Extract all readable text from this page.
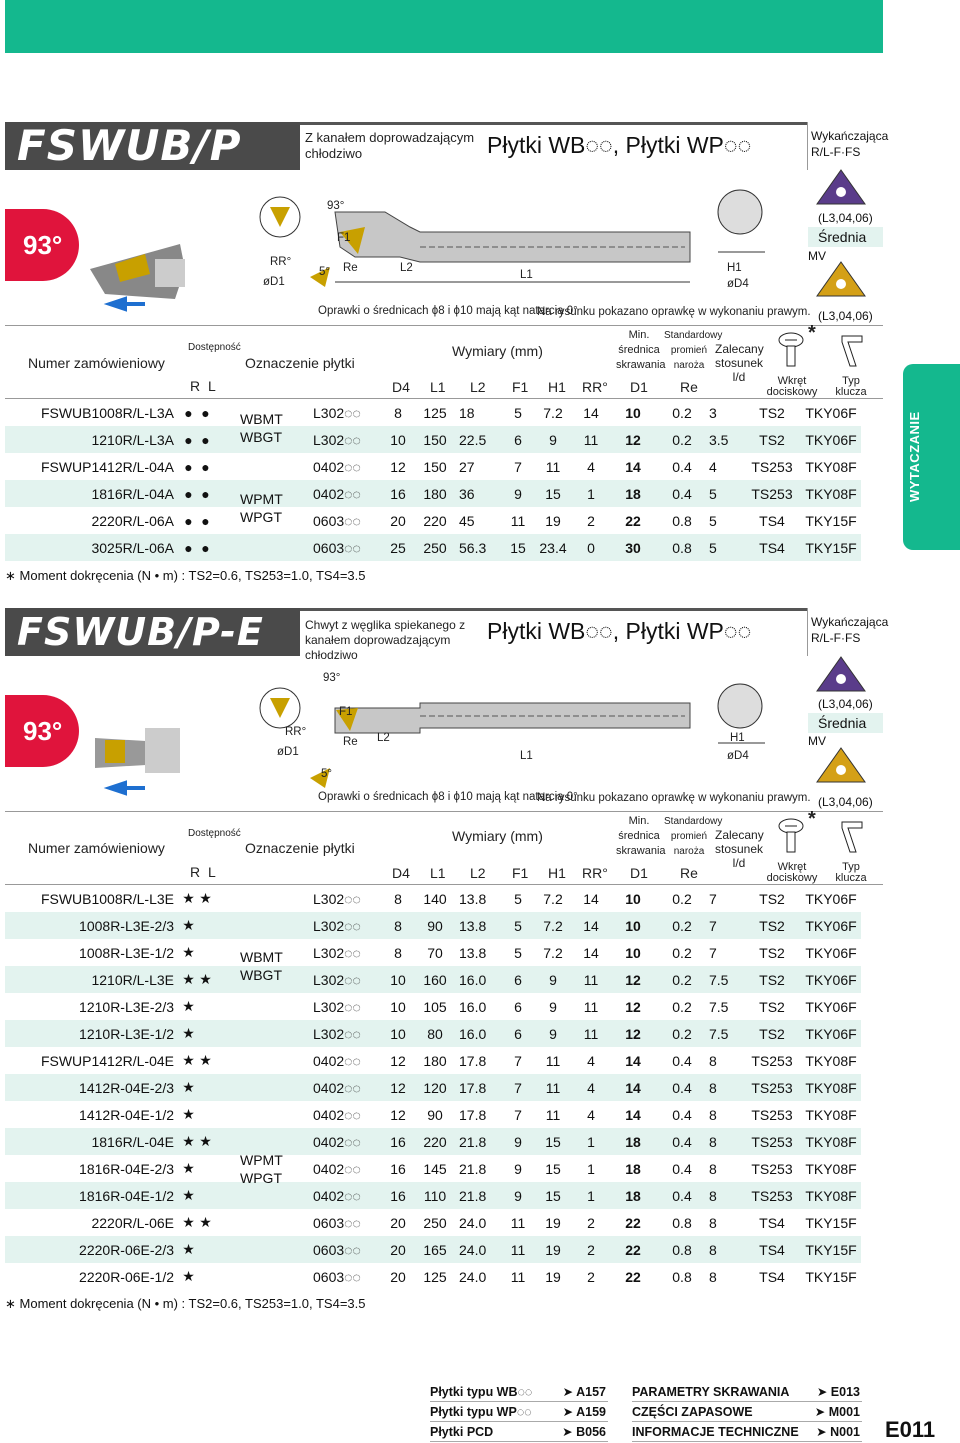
FSWUB/P	Z kanałem doprowadzającym chłodziwo	Płytki WB◌◌, Płytki WP◌◌	Wykańczająca
R/L-F·FS
93°
93°
RR°
øD1
F1
Re	L2
L1
H1
øD4
5°
Oprawki o średnicach ϕ8 i ϕ10 mają kąt natarcia 0°
Na rysunku pokazano oprawkę w wykonaniu prawym.
(L3,04,06)
Średnia
MV
(L3,04,06)
Numer zamówieniowy
Dostępność
R L
Oznaczenie płytki
Wymiary (mm)
D4 L1 L2 F1 H1 RR°
Min. średnica skrawania
D1
Standardowy promień naroża
Re
Zalecany stosunek l/d
*
Wkręt dociskowy
Typ klucza
FSWUB1008R/L-L3A	●	●		L302◌◌	8	125	18	5	7.2	14	10	0.2	3	TS2	TKY06F
1210R/L-L3A	●	●		L302◌◌	10	150	22.5	6	9	11	12	0.2	3.5	TS2	TKY06F
FSWUP1412R/L-04A	●	●		0402◌◌	12	150	27	7	11	4	14	0.4	4	TS253	TKY08F
1816R/L-04A	●	●		0402◌◌	16	180	36	9	15	1	18	0.4	5	TS253	TKY08F
2220R/L-06A	●	●		0603◌◌	20	220	45	11	19	2	22	0.8	5	TS4	TKY15F
3025R/L-06A	●	●		0603◌◌	25	250	56.3	15	23.4	0	30	0.8	5	TS4	TKY15F
WBMT
WBGT
WPMT
WPGT
∗ Moment dokręcenia (N • m) : TS2=0.6, TS253=1.0, TS4=3.5
WYTACZANIE
FSWUB/P-E	Chwyt z węglika spiekanego z kanałem doprowadzającym chłodziwo
Płytki WB◌◌, Płytki WP◌◌	Wykańczająca
R/L-F·FS
93°
93°
RR°
øD1
F1
Re L2
L1
H1
øD4
5°
Oprawki o średnicach ϕ8 i ϕ10 mają kąt natarcia 0°
Na rysunku pokazano oprawkę w wykonaniu prawym.
(L3,04,06)
Średnia
MV
(L3,04,06)
Numer zamówieniowy
Dostępność
R L
Oznaczenie płytki
Wymiary (mm)
D4 L1 L2 F1 H1 RR°
Min. średnica skrawania
D1
Standardowy promień naroża
Re
Zalecany stosunek l/d
*
Wkręt dociskowy
Typ klucza
FSWUB1008R/L-L3E	★	★		L302◌◌	8	140	13.8	5	7.2	14	10	0.2	7	TS2	TKY06F
1008R-L3E-2/3	★			L302◌◌	8	90	13.8	5	7.2	14	10	0.2	7	TS2	TKY06F
1008R-L3E-1/2	★			L302◌◌	8	70	13.8	5	7.2	14	10	0.2	7	TS2	TKY06F
1210R/L-L3E	★	★		L302◌◌	10	160	16.0	6	9	11	12	0.2	7.5	TS2	TKY06F
1210R-L3E-2/3	★			L302◌◌	10	105	16.0	6	9	11	12	0.2	7.5	TS2	TKY06F
1210R-L3E-1/2	★			L302◌◌	10	80	16.0	6	9	11	12	0.2	7.5	TS2	TKY06F
FSWUP1412R/L-04E	★	★		0402◌◌	12	180	17.8	7	11	4	14	0.4	8	TS253	TKY08F
1412R-04E-2/3	★			0402◌◌	12	120	17.8	7	11	4	14	0.4	8	TS253	TKY08F
1412R-04E-1/2	★			0402◌◌	12	90	17.8	7	11	4	14	0.4	8	TS253	TKY08F
1816R/L-04E	★	★		0402◌◌	16	220	21.8	9	15	1	18	0.4	8	TS253	TKY08F
1816R-04E-2/3	★			0402◌◌	16	145	21.8	9	15	1	18	0.4	8	TS253	TKY08F
1816R-04E-1/2	★			0402◌◌	16	110	21.8	9	15	1	18	0.4	8	TS253	TKY08F
2220R/L-06E	★	★		0603◌◌	20	250	24.0	11	19	2	22	0.8	8	TS4	TKY15F
2220R-06E-2/3	★			0603◌◌	20	165	24.0	11	19	2	22	0.8	8	TS4	TKY15F
2220R-06E-1/2	★			0603◌◌	20	125	24.0	11	19	2	22	0.8	8	TS4	TKY15F
WBMT
WBGT
WPMT
WPGT
∗ Moment dokręcenia (N • m) : TS2=0.6, TS253=1.0, TS4=3.5
Płytki typu WB◌◌ ➤ A157
Płytki typu WP◌◌ ➤ A159
Płytki PCD	➤ B056
PARAMETRY SKRAWANIA ➤ E013
CZĘŚCI ZAPASOWE	➤ M001
INFORMACJE TECHNICZNE ➤ N001 E011
